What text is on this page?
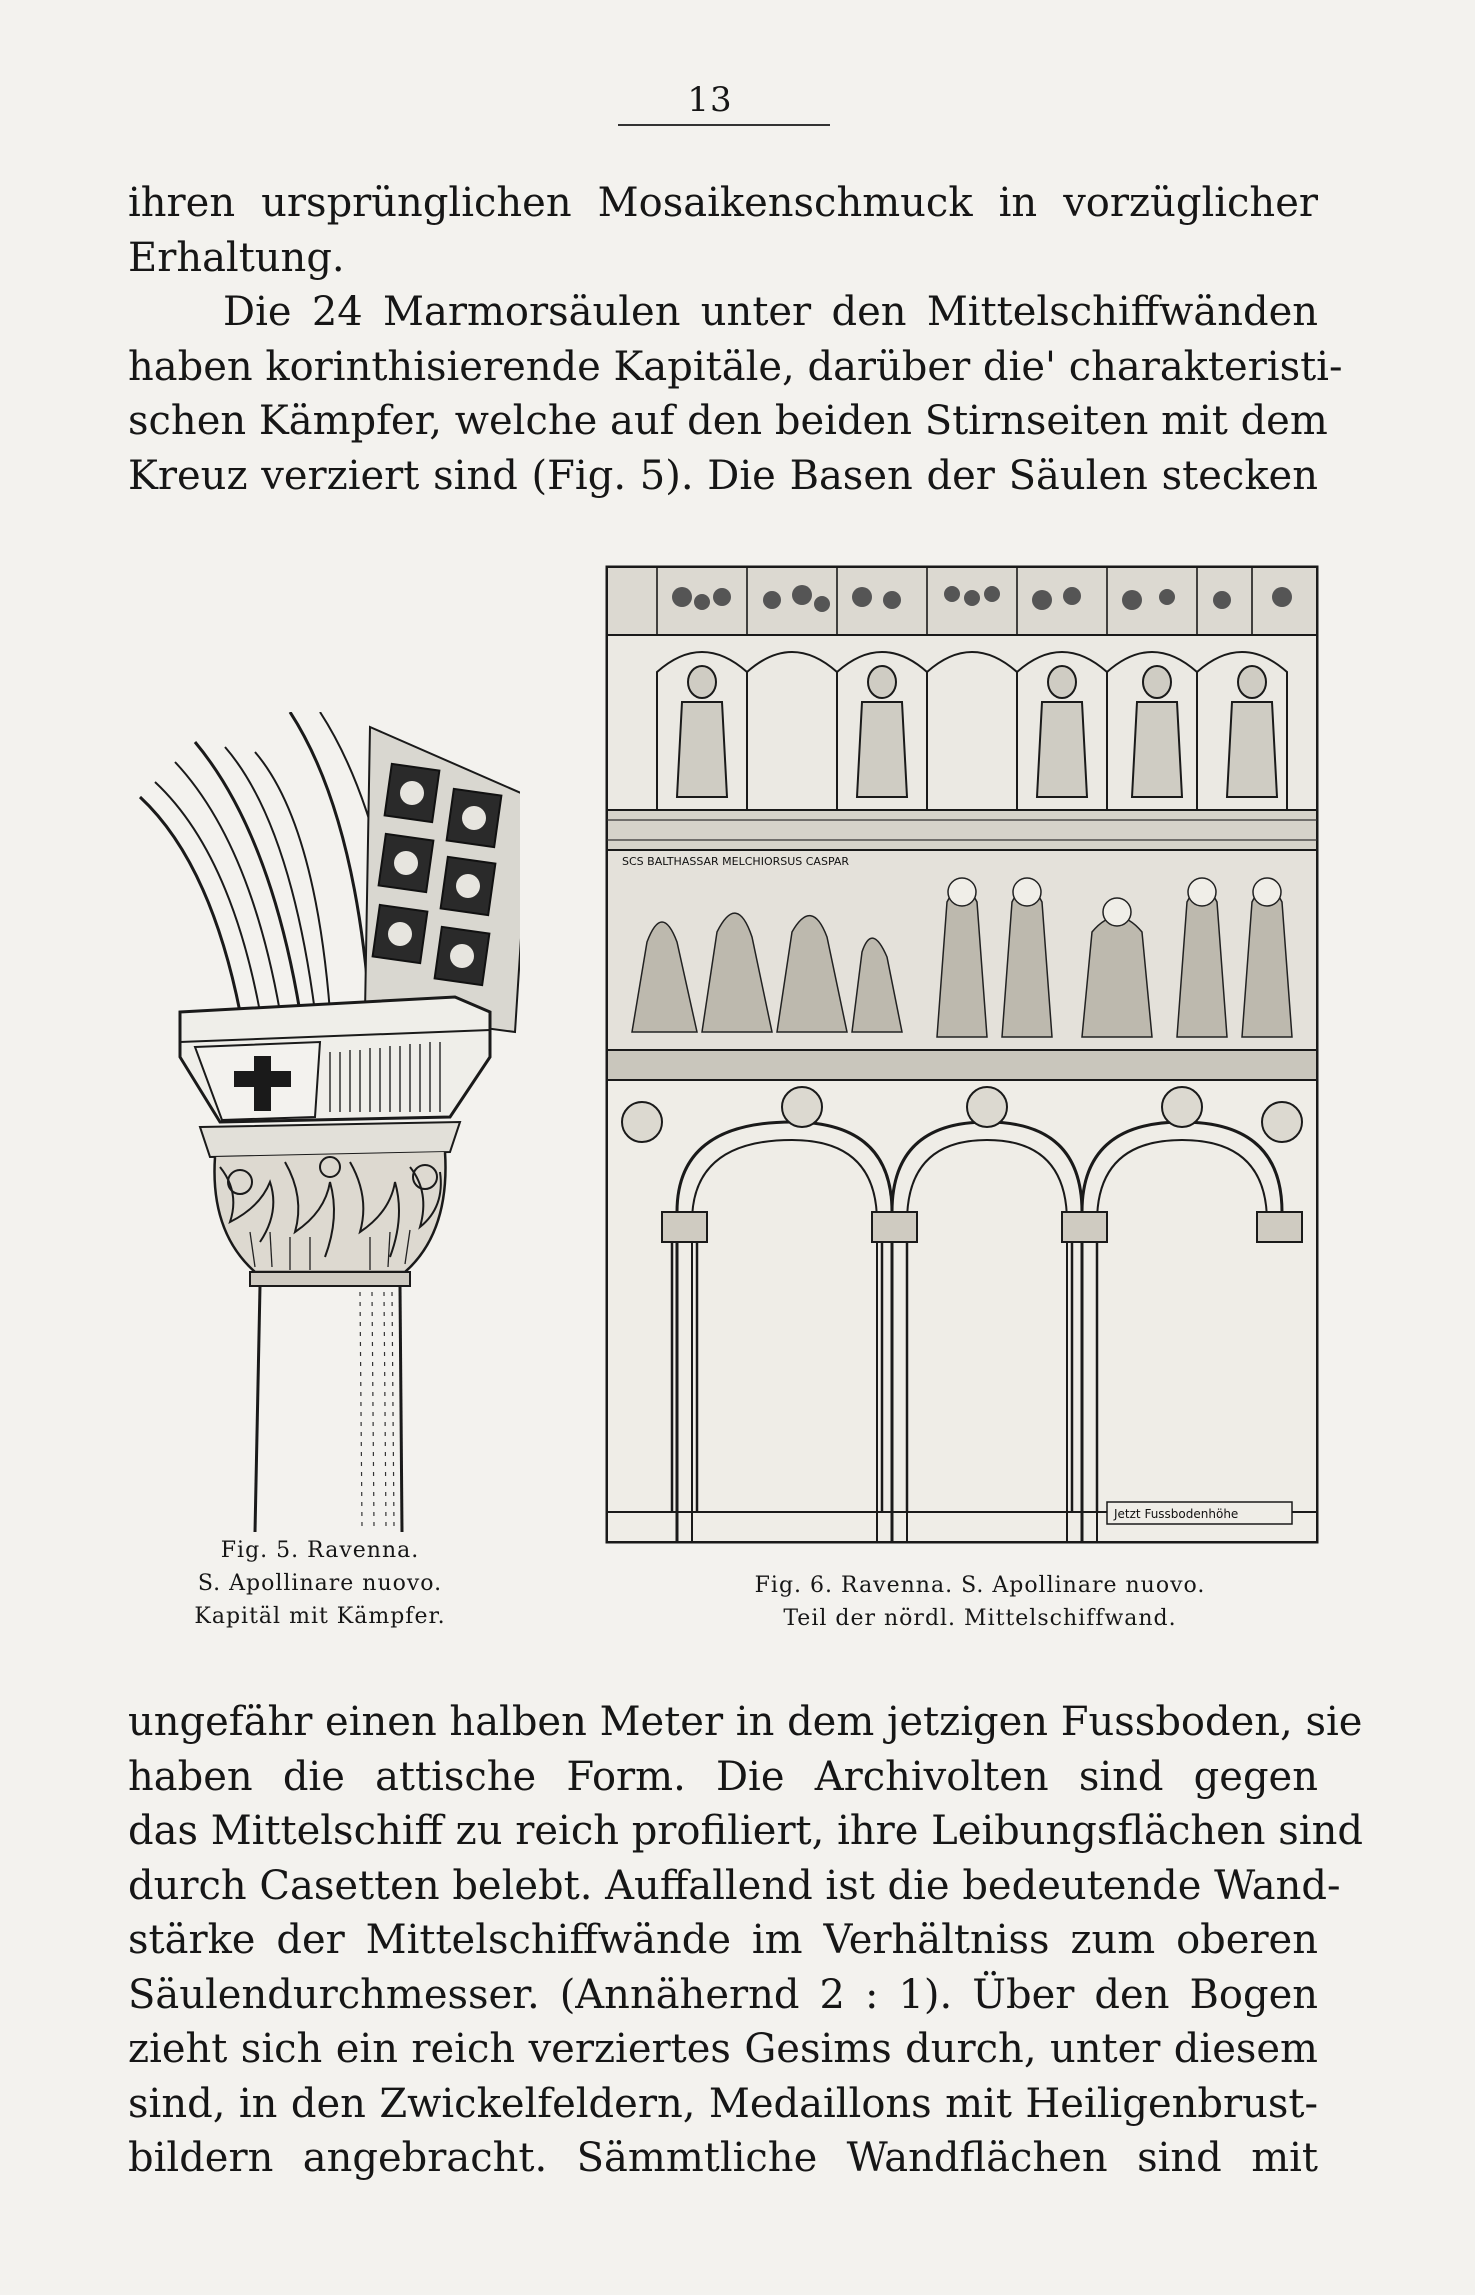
13

ihren ursprünglichen Mosaikenschmuck in vorzüglicher
Erhaltung.
Die 24 Marmorsäulen unter den Mittelschiffwänden
haben korinthisierende Kapitäle, darüber die' charakteristi-
schen Kämpfer, welche auf den beiden Stirnseiten mit dem
Kreuz verziert sind (Fig. 5). Die Basen der Säulen stecken

SCS BALTHASSAR MELCHIORSUS CASPAR
Jetzt Fussbodenhöhe
Fig. 5. Ravenna.
S. Apollinare nuovo.
Kapitäl mit Kämpfer.
Fig. 6. Ravenna. S. Apollinare nuovo.
Teil der nördl. Mittelschiffwand.

ungefähr einen halben Meter in dem jetzigen Fussboden, sie
haben die attische Form. Die Archivolten sind gegen
das Mittelschiff zu reich profiliert, ihre Leibungsflächen sind
durch Casetten belebt. Auffallend ist die bedeutende Wand-
stärke der Mittelschiffwände im Verhältniss zum oberen
Säulendurchmesser. (Annähernd 2 : 1). Über den Bogen
zieht sich ein reich verziertes Gesims durch, unter diesem
sind, in den Zwickelfeldern, Medaillons mit Heiligenbrust-
bildern angebracht. Sämmtliche Wandflächen sind mit
